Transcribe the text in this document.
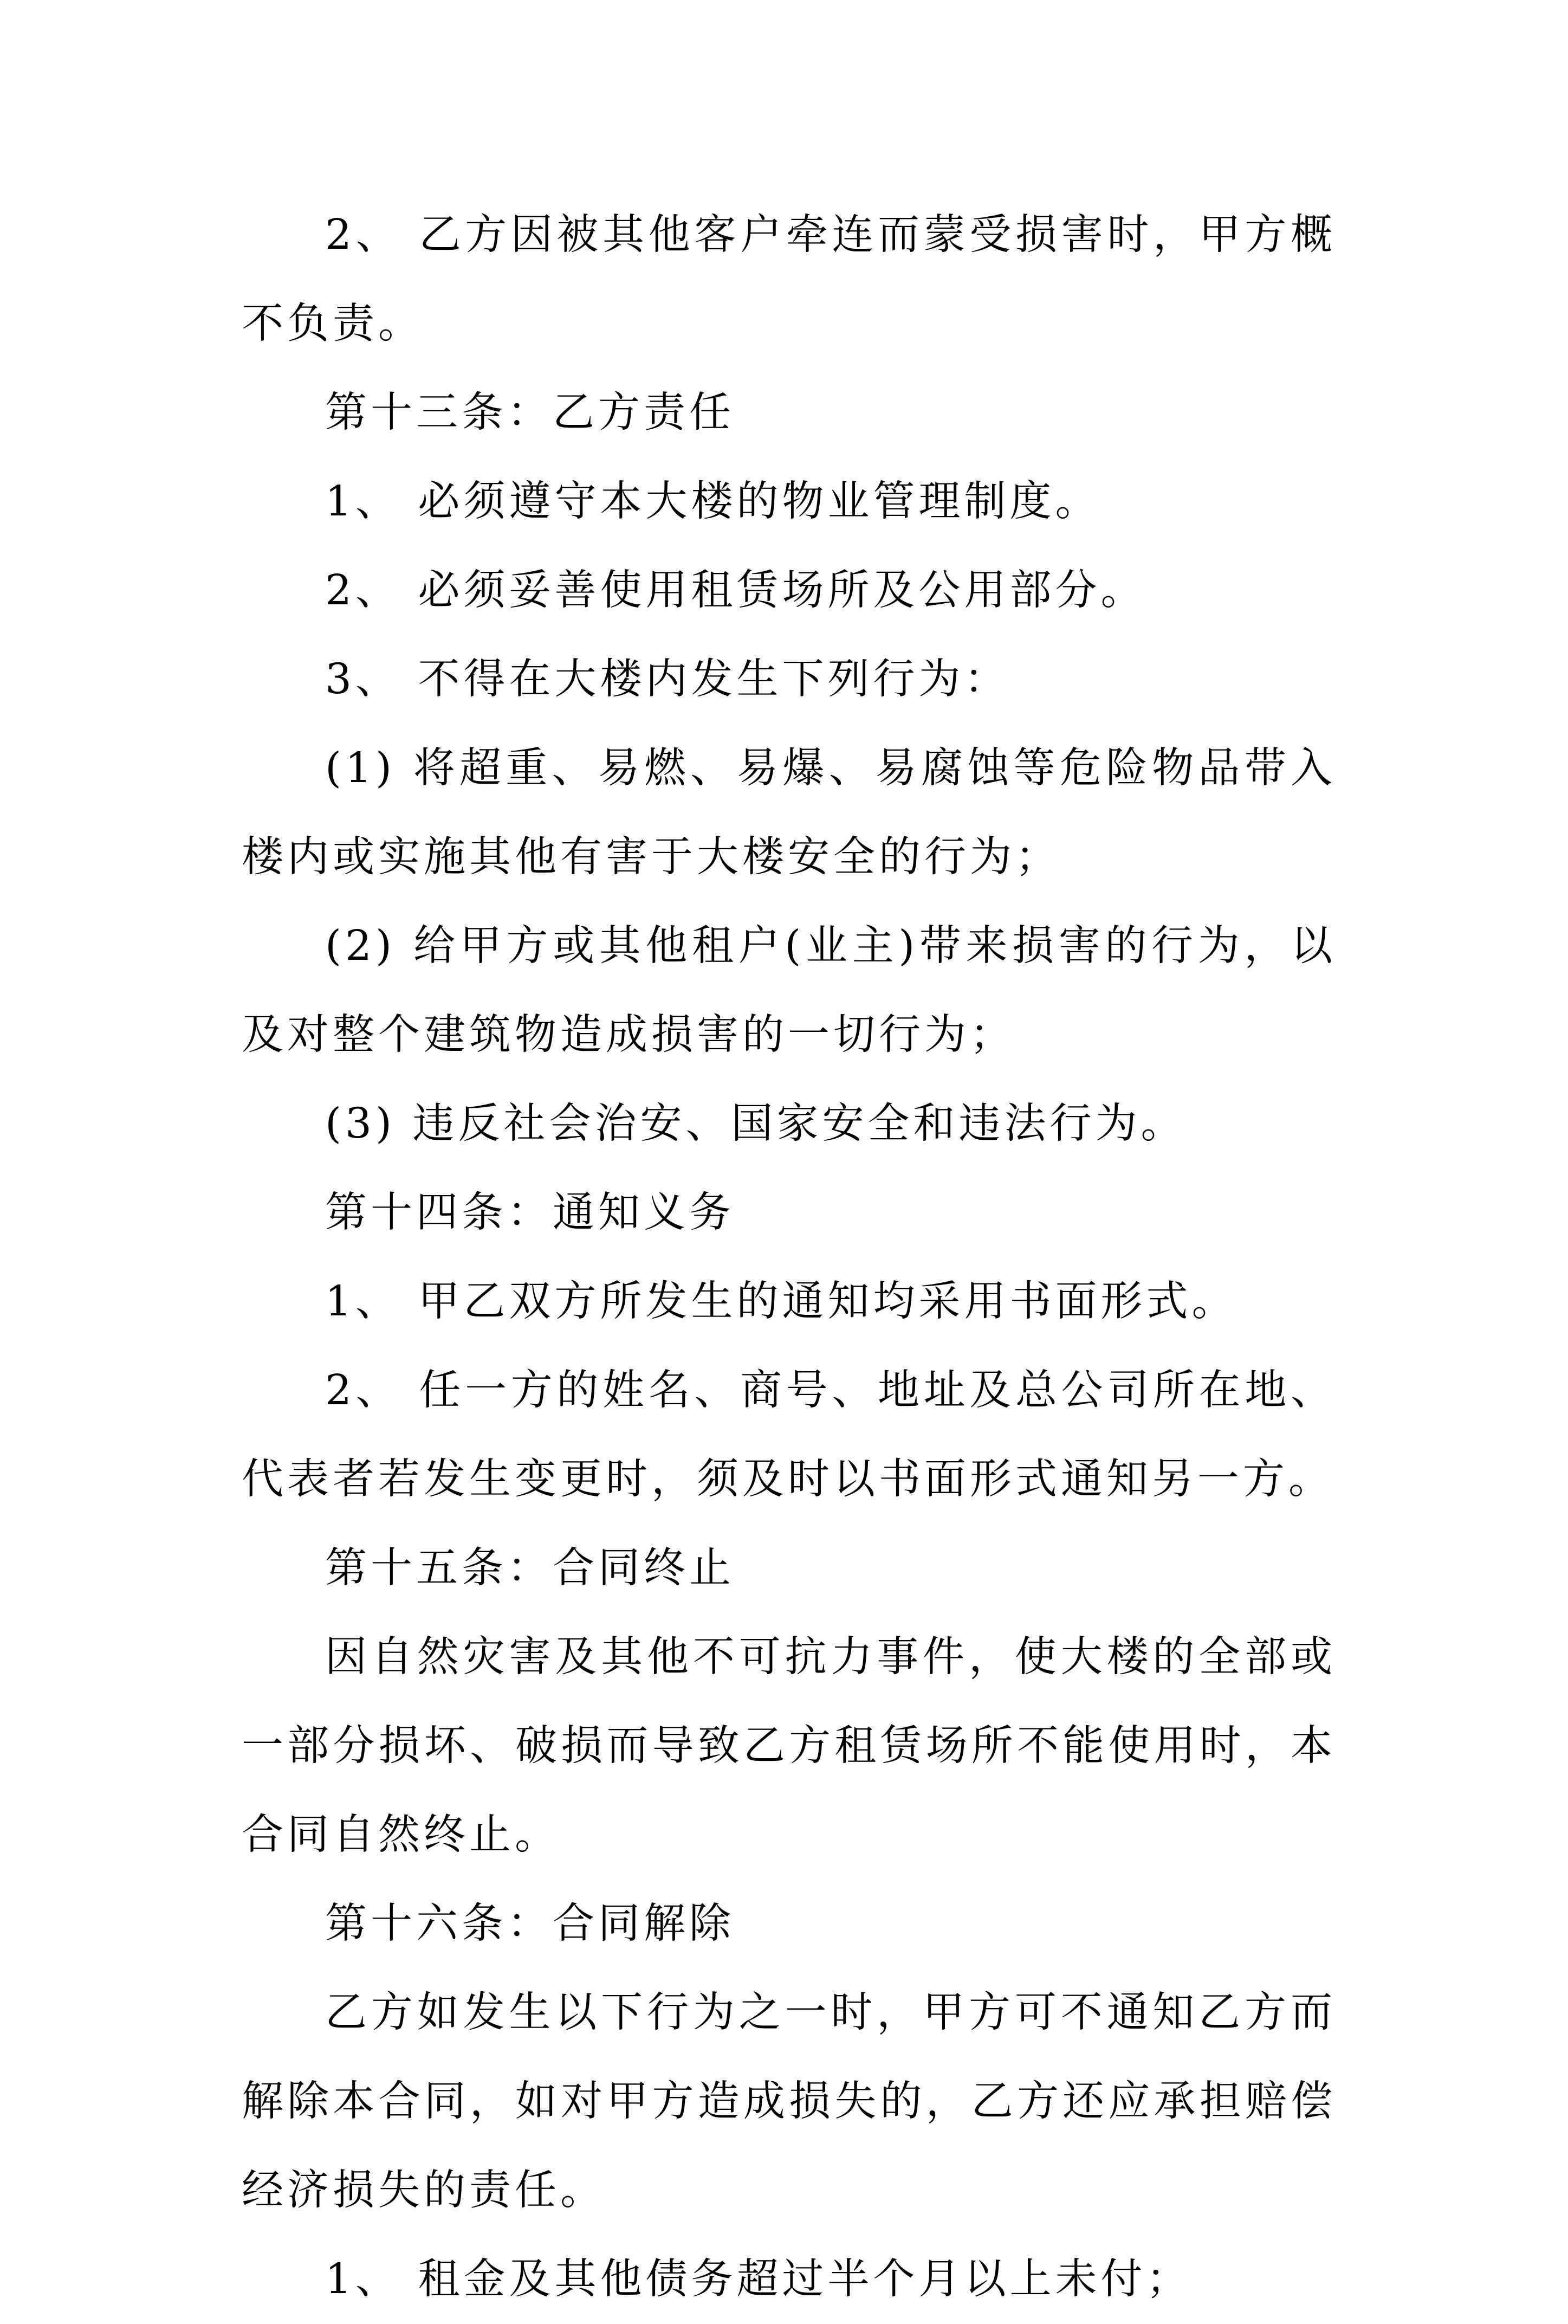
2、 乙方因被其他客户牵连而蒙受损害时，甲方概不负责。

第十三条：乙方责任

1、 必须遵守本大楼的物业管理制度。

2、 必须妥善使用租赁场所及公用部分。

3、 不得在大楼内发生下列行为：

(1) 将超重、易燃、易爆、易腐蚀等危险物品带入楼内或实施其他有害于大楼安全的行为；

(2) 给甲方或其他租户(业主)带来损害的行为，以及对整个建筑物造成损害的一切行为；

(3) 违反社会治安、国家安全和违法行为。

第十四条：通知义务

1、 甲乙双方所发生的通知均采用书面形式。

2、 任一方的姓名、商号、地址及总公司所在地、代表者若发生变更时，须及时以书面形式通知另一方。

第十五条：合同终止

因自然灾害及其他不可抗力事件，使大楼的全部或一部分损坏、破损而导致乙方租赁场所不能使用时，本合同自然终止。

第十六条：合同解除

乙方如发生以下行为之一时，甲方可不通知乙方而解除本合同，如对甲方造成损失的，乙方还应承担赔偿经济损失的责任。

1、 租金及其他债务超过半个月以上未付；
